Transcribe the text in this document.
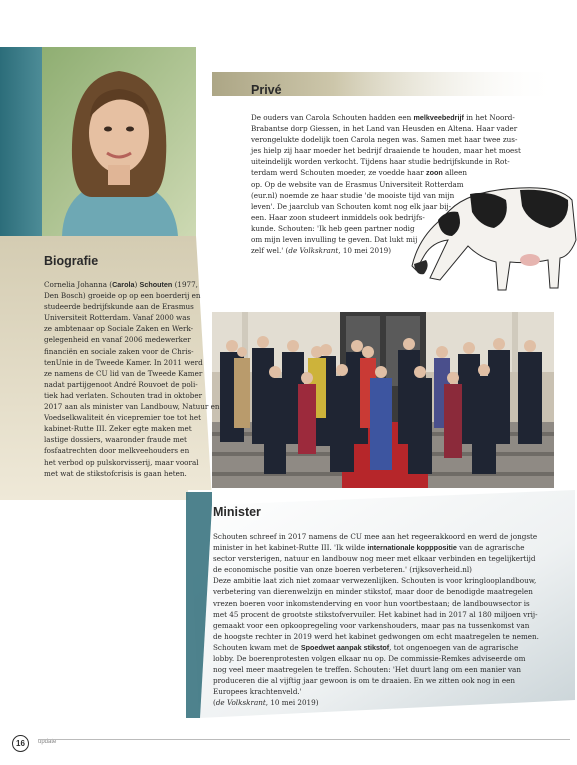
Privé
De ouders van Carola Schouten hadden een melkveebedrijf in het Noord-
Brabantse dorp Giessen, in het Land van Heusden en Altena. Haar vader
verongelukte dodelijk toen Carola negen was. Samen met haar twee zus-
jes hielp zij haar moeder het bedrijf draaiende te houden, maar het moest
uiteindelijk worden verkocht. Tijdens haar studie bedrijfskunde in Rot-
terdam werd Schouten moeder, ze voedde haar zoon alleen
op. Op de website van de Erasmus Universiteit Rotterdam
(eur.nl) noemde ze haar studie 'de mooiste tijd van mijn
leven'. De jaarclub van Schouten komt nog elk jaar bij-
een. Haar zoon studeert inmiddels ook bedrijfs-
kunde. Schouten: 'Ik heb geen partner nodig
om mijn leven invulling te geven. Dat lukt mij
zelf wel.' (de Volkskrant, 10 mei 2019)
Biografie
Cornelia Johanna (Carola) Schouten (1977,
Den Bosch) groeide op op een boerderij en
studeerde bedrijfskunde aan de Erasmus
Universiteit Rotterdam. Vanaf 2000 was
ze ambtenaar op Sociale Zaken en Werk-
gelegenheid en vanaf 2006 medewerker
financiën en sociale zaken voor de Chris-
tenUnie in de Tweede Kamer. In 2011 werd
ze namens de CU lid van de Tweede Kamer
nadat partijgenoot André Rouvoet de poli-
tiek had verlaten. Schouten trad in oktober
2017 aan als minister van Landbouw, Natuur en
Voedselkwaliteit én vicepremier toe tot het
kabinet-Rutte III. Zeker egte maken met
lastige dossiers, waaronder fraude met
fosfaatrechten door melkveehouders en
het verbod op pulskorvisserij, maar vooral
met wat de stikstofcrisis is gaan heten.
Minister
Schouten schreef in 2017 namens de CU mee aan het regeerakkoord en werd de jongste
minister in het kabinet-Rutte III. 'Ik wilde internationale kopppositie van de agrarische
sector versterigen, natuur en landbouw nog meer met elkaar verbinden en tegelijkertijd
de economische positie van onze boeren verbeteren.' (rijksoverheid.nl)
Deze ambitie laat zich niet zomaar verwezenlijken. Schouten is voor kringlooplandbouw,
verbetering van dierenwelzijn en minder stikstof, maar door de benodigde maatregelen
vrezen boeren voor inkomstenderving en voor hun voortbestaan; de landbouwsector is
met 45 procent de grootste stikstofvervuiler. Het kabinet had in 2017 al 180 miljoen vrij-
gemaakt voor een opkoopregeling voor varkenshouders, maar pas na tussenkomst van
de hoogste rechter in 2019 werd het kabinet gedwongen om echt maatregelen te nemen.
Schouten kwam met de Spoedwet aanpak stikstof, tot ongenoegen van de agrarische
lobby. De boerenprotesten volgen elkaar nu op. De commissie-Remkes adviseerde om
nog veel meer maatregelen te treffen. Schouten: 'Het duurt lang om een manier van
produceren die al vijftig jaar gewoon is om te draaien. En we zitten ook nog in een
Europees krachtenveld.'
(de Volkskrant, 10 mei 2019)
16	update
